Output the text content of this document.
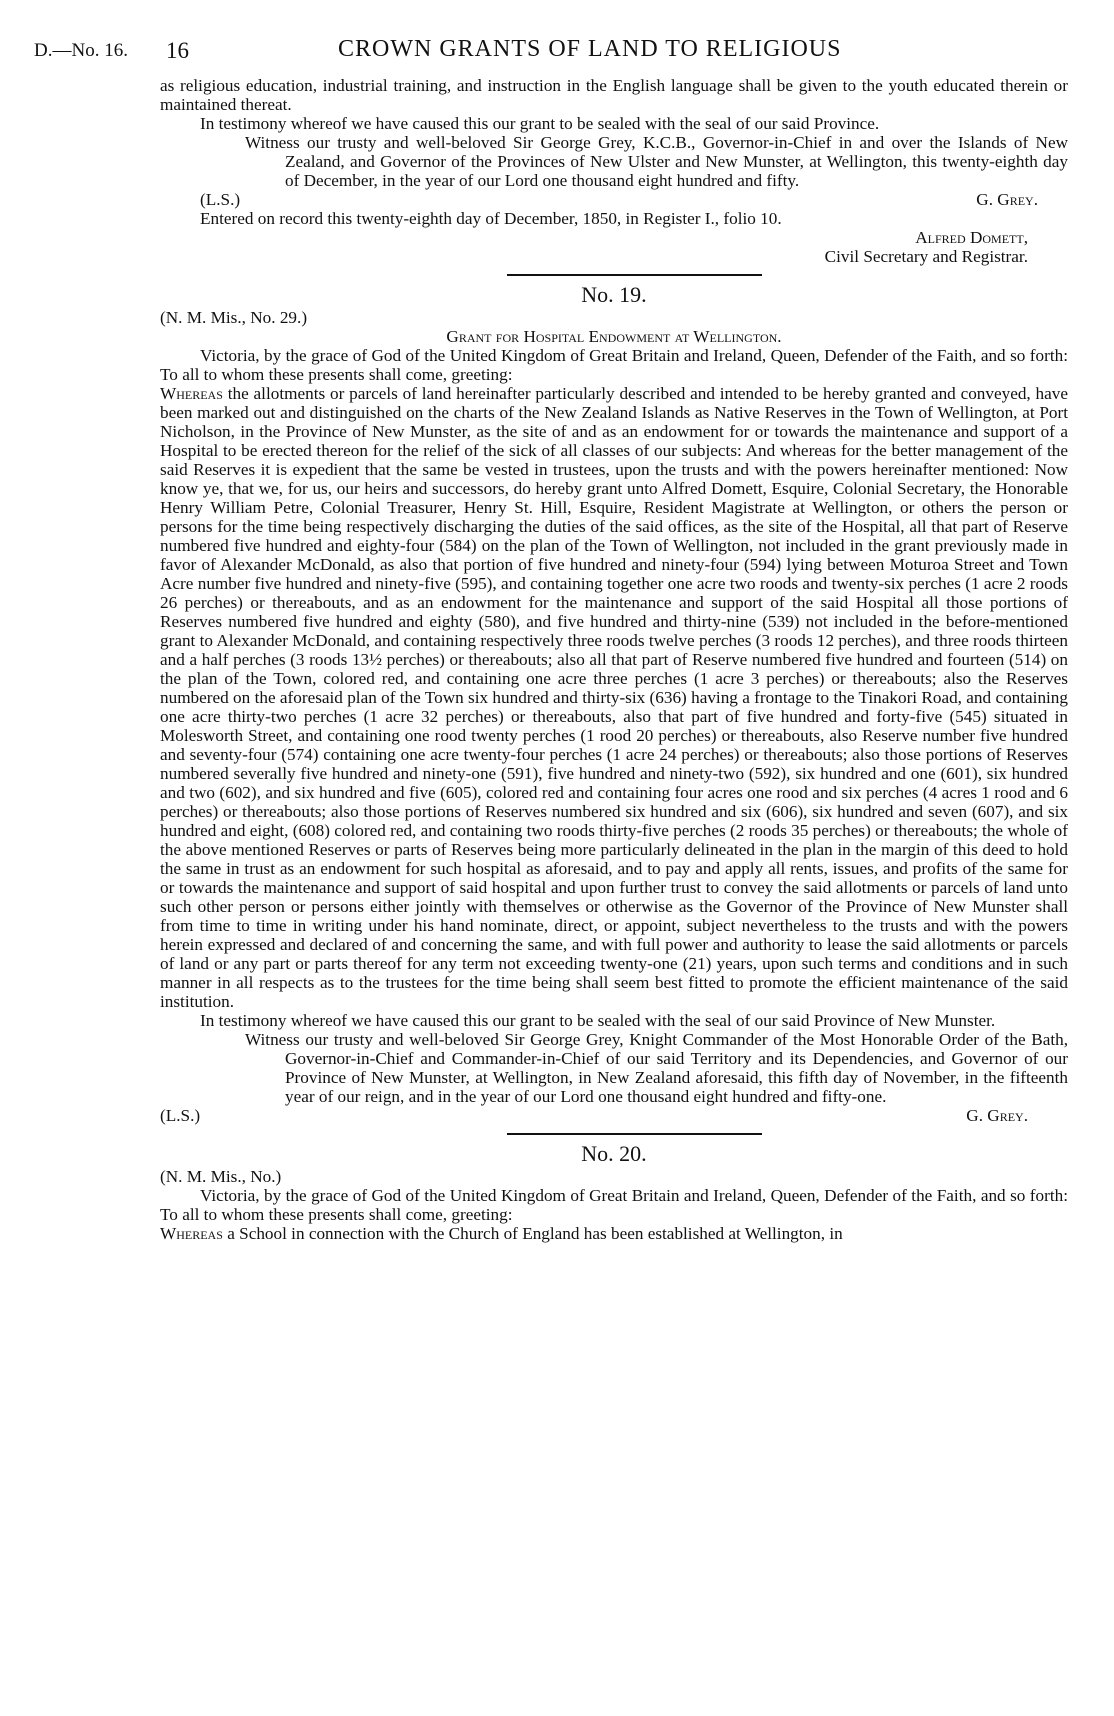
D.—No. 16. 16	CROWN GRANTS OF LAND TO RELIGIOUS

as religious education, industrial training, and instruction in the English language shall be given to the youth educated therein or maintained thereat.

In testimony whereof we have caused this our grant to be sealed with the seal of our said Province.

Witness our trusty and well-beloved Sir George Grey, K.C.B., Governor-in-Chief in and over the Islands of New Zealand, and Governor of the Provinces of New Ulster and New Munster, at Wellington, this twenty-eighth day of December, in the year of our Lord one thousand eight hundred and fifty.

(L.S.)	G. Grey.

Entered on record this twenty-eighth day of December, 1850, in Register I., folio 10.

Alfred Domett,
Civil Secretary and Registrar.
No. 19.
(N. M. Mis., No. 29.)
Grant for Hospital Endowment at Wellington.

Victoria, by the grace of God of the United Kingdom of Great Britain and Ireland, Queen, Defender of the Faith, and so forth: To all to whom these presents shall come, greeting:

Whereas the allotments or parcels of land hereinafter particularly described and intended to be hereby granted and conveyed, have been marked out and distinguished on the charts of the New Zealand Islands as Native Reserves in the Town of Wellington, at Port Nicholson, in the Province of New Munster, as the site of and as an endowment for or towards the maintenance and support of a Hospital to be erected thereon for the relief of the sick of all classes of our subjects: And whereas for the better management of the said Reserves it is expedient that the same be vested in trustees, upon the trusts and with the powers hereinafter mentioned: Now know ye, that we, for us, our heirs and successors, do hereby grant unto Alfred Domett, Esquire, Colonial Secretary, the Honorable Henry William Petre, Colonial Treasurer, Henry St. Hill, Esquire, Resident Magistrate at Wellington, or others the person or persons for the time being respectively discharging the duties of the said offices, as the site of the Hospital, all that part of Reserve numbered five hundred and eighty-four (584) on the plan of the Town of Wellington, not included in the grant previously made in favor of Alexander McDonald, as also that portion of five hundred and ninety-four (594) lying between Moturoa Street and Town Acre number five hundred and ninety-five (595), and containing together one acre two roods and twenty-six perches (1 acre 2 roods 26 perches) or thereabouts, and as an endowment for the maintenance and support of the said Hospital all those portions of Reserves numbered five hundred and eighty (580), and five hundred and thirty-nine (539) not included in the before-mentioned grant to Alexander McDonald, and containing respectively three roods twelve perches (3 roods 12 perches), and three roods thirteen and a half perches (3 roods 13½ perches) or thereabouts; also all that part of Reserve numbered five hundred and fourteen (514) on the plan of the Town, colored red, and containing one acre three perches (1 acre 3 perches) or thereabouts; also the Reserves numbered on the aforesaid plan of the Town six hundred and thirty-six (636) having a frontage to the Tinakori Road, and containing one acre thirty-two perches (1 acre 32 perches) or thereabouts, also that part of five hundred and forty-five (545) situated in Molesworth Street, and containing one rood twenty perches (1 rood 20 perches) or thereabouts, also Reserve number five hundred and seventy-four (574) containing one acre twenty-four perches (1 acre 24 perches) or thereabouts; also those portions of Reserves numbered severally five hundred and ninety-one (591), five hundred and ninety-two (592), six hundred and one (601), six hundred and two (602), and six hundred and five (605), colored red and containing four acres one rood and six perches (4 acres 1 rood and 6 perches) or thereabouts; also those portions of Reserves numbered six hundred and six (606), six hundred and seven (607), and six hundred and eight, (608) colored red, and containing two roods thirty-five perches (2 roods 35 perches) or thereabouts; the whole of the above mentioned Reserves or parts of Reserves being more particularly delineated in the plan in the margin of this deed to hold the same in trust as an endowment for such hospital as aforesaid, and to pay and apply all rents, issues, and profits of the same for or towards the maintenance and support of said hospital and upon further trust to convey the said allotments or parcels of land unto such other person or persons either jointly with themselves or otherwise as the Governor of the Province of New Munster shall from time to time in writing under his hand nominate, direct, or appoint, subject nevertheless to the trusts and with the powers herein expressed and declared of and concerning the same, and with full power and authority to lease the said allotments or parcels of land or any part or parts thereof for any term not exceeding twenty-one (21) years, upon such terms and conditions and in such manner in all respects as to the trustees for the time being shall seem best fitted to promote the efficient maintenance of the said institution.

In testimony whereof we have caused this our grant to be sealed with the seal of our said Province of New Munster.

Witness our trusty and well-beloved Sir George Grey, Knight Commander of the Most Honorable Order of the Bath, Governor-in-Chief and Commander-in-Chief of our said Territory and its Dependencies, and Governor of our Province of New Munster, at Wellington, in New Zealand aforesaid, this fifth day of November, in the fifteenth year of our reign, and in the year of our Lord one thousand eight hundred and fifty-one.

(L.S.)	G. Grey.
No. 20.
(N. M. Mis., No.)

Victoria, by the grace of God of the United Kingdom of Great Britain and Ireland, Queen, Defender of the Faith, and so forth: To all to whom these presents shall come, greeting:

Whereas a School in connection with the Church of England has been established at Wellington, in
